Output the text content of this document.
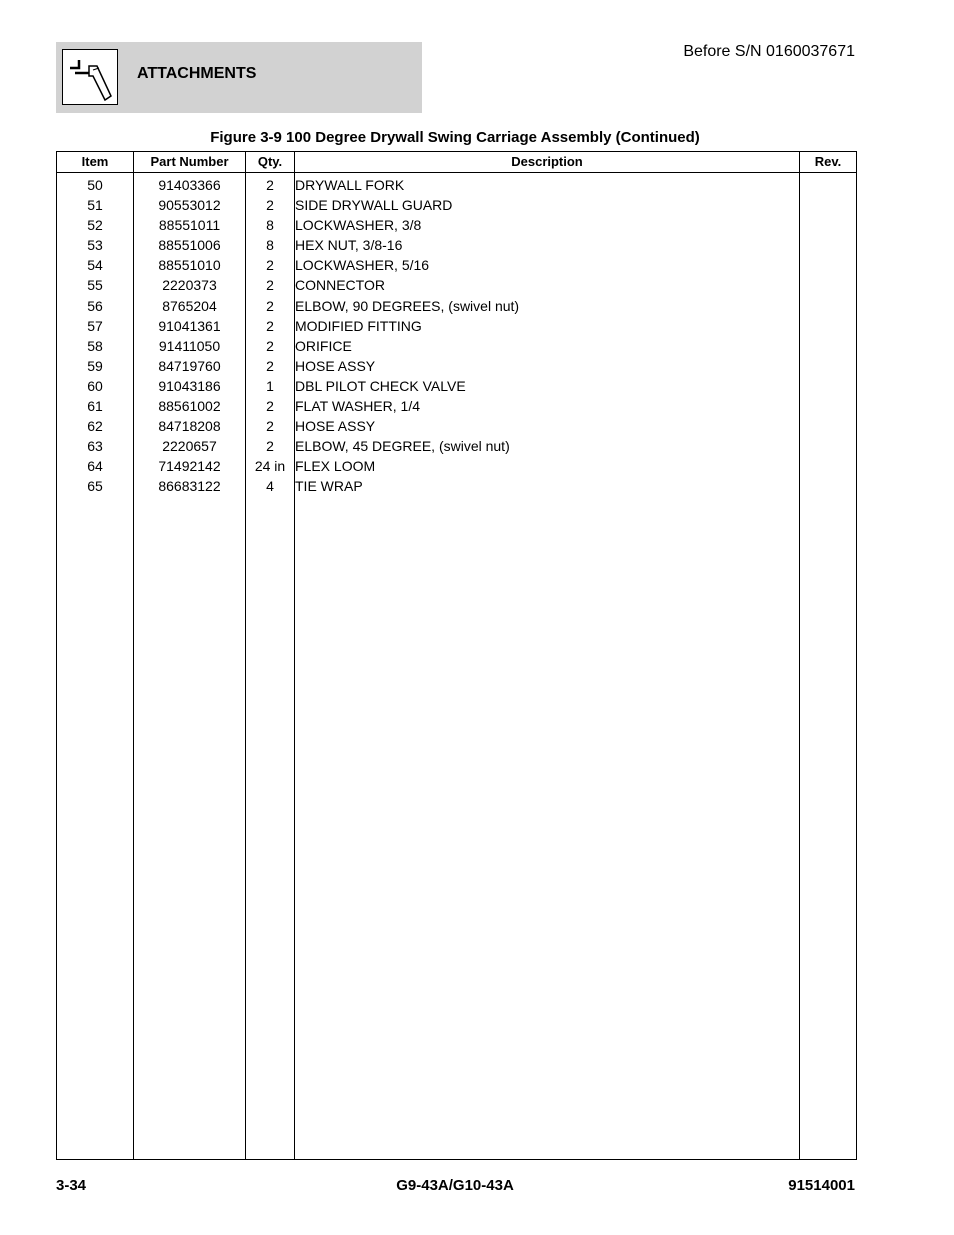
ATTACHMENTS
Before S/N 0160037671
Figure 3-9 100 Degree Drywall Swing Carriage Assembly (Continued)
Item	Part Number	Qty.	Description	Rev.
50	91403366	2	DRYWALL FORK	
51	90553012	2	SIDE DRYWALL GUARD	
52	88551011	8	LOCKWASHER, 3/8	
53	88551006	8	HEX NUT, 3/8-16	
54	88551010	2	LOCKWASHER, 5/16	
55	2220373	2	CONNECTOR	
56	8765204	2	ELBOW, 90 DEGREES, (swivel nut)	
57	91041361	2	MODIFIED FITTING	
58	91411050	2	ORIFICE	
59	84719760	2	HOSE ASSY	
60	91043186	1	DBL PILOT CHECK VALVE	
61	88561002	2	FLAT WASHER, 1/4	
62	84718208	2	HOSE ASSY	
63	2220657	2	ELBOW, 45 DEGREE, (swivel nut)	
64	71492142	24 in	FLEX LOOM	
65	86683122	4	TIE WRAP	

3-34	G9-43A/G10-43A	91514001
